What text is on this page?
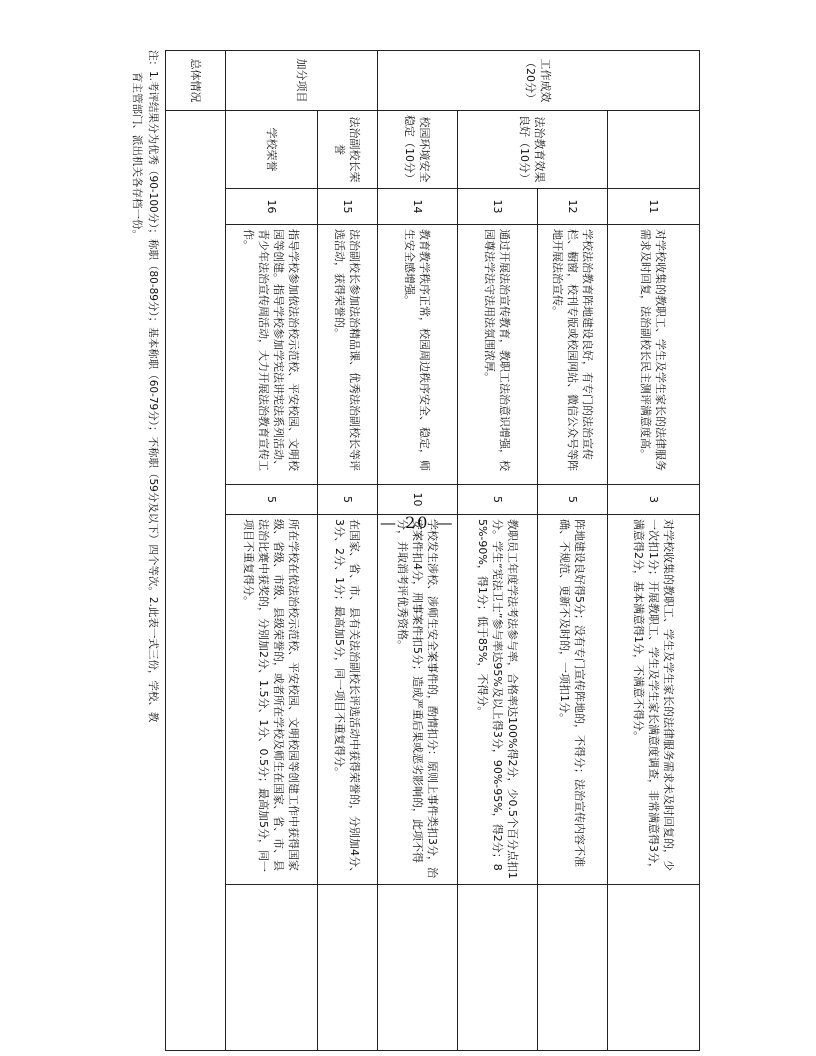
工作成效（20分）		11	对学校收集的教职工、学生及学生家长的法律服务需求及时回复，法治副校长民主测评满意度高。	3	对学校收集的教职工、学生及学生家长的法律服务需求未及时回复的，少一次扣1分；开展教职工、学生及学生家长满意度调查，非常满意得3分，满意得2分，基本满意得1分，不满意不得分。	
	法治教育效果良好（10分）	12	学校法治教育阵地建设良好，有专门的法治宣传栏、橱窗，校刊专版或校园网站、微信公众号等阵地开展法治宣传。	5	阵地建设良好得5分；没有专门宣传阵地的，不得分；法治宣传内容不准确、不规范、更新不及时的，一项扣1分。	
		13	通过开展法治宣传教育，教职工法治意识增强，校园尊法学法守法用法氛围浓厚。	5	教职员工年度学法考法参与率，合格率达100%得2分，少0.5个百分点扣1分。学生“宪法卫士”参与率达95%及以上得3分，90%-95%，得2分；85%-90%，得1分；低于85%，不得分。	
	校园环境安全稳定（10分）	14	教育教学秩序正常，校园周边秩序安全、稳定，师生安全感增强。	10	学校发生涉校、涉师生安全案事件的，酌情扣分：原则上事件类扣3分，治安案件扣4分，刑事案件扣5分；造成严重后果或恶劣影响的，此项不得分，并取消考评优秀资格。	
加分项目	法治副校长荣誉	15	法治副校长参加法治精品课、优秀法治副校长等评选活动，获得荣誉的。	5	在国家、省、市、县有关法治副校长评选活动中获得荣誉的，分别加4分、3分、2分、1分；最高加5分，同一项目不重复得分。	
	学校荣誉	16	指导学校参加依法治校示范校、平安校园、文明校园等创建。指导学校参加学宪法讲宪法系列活动、青少年法治宣传周活动，大力开展法治教育宣传工作。	5	所在学校在依法治校示范校、平安校园、文明校园等创建工作中获得国家级、省级、市级、县级荣誉的，或者所在学校及师生在国家、省、市、县法治比赛中获奖的，分别加2分、1.5分、1分、0.5分；最高加5分，同一项目不重复得分。	
总体情况						
注：1.考评结果分为优秀（90-100分）；称职（80-89分）；基本称职（60-79分）；不称职（59分及以下）四个等次。2.此表一式三份，学校、教
育主管部门、派出机关各存档一份。
— 20 —
